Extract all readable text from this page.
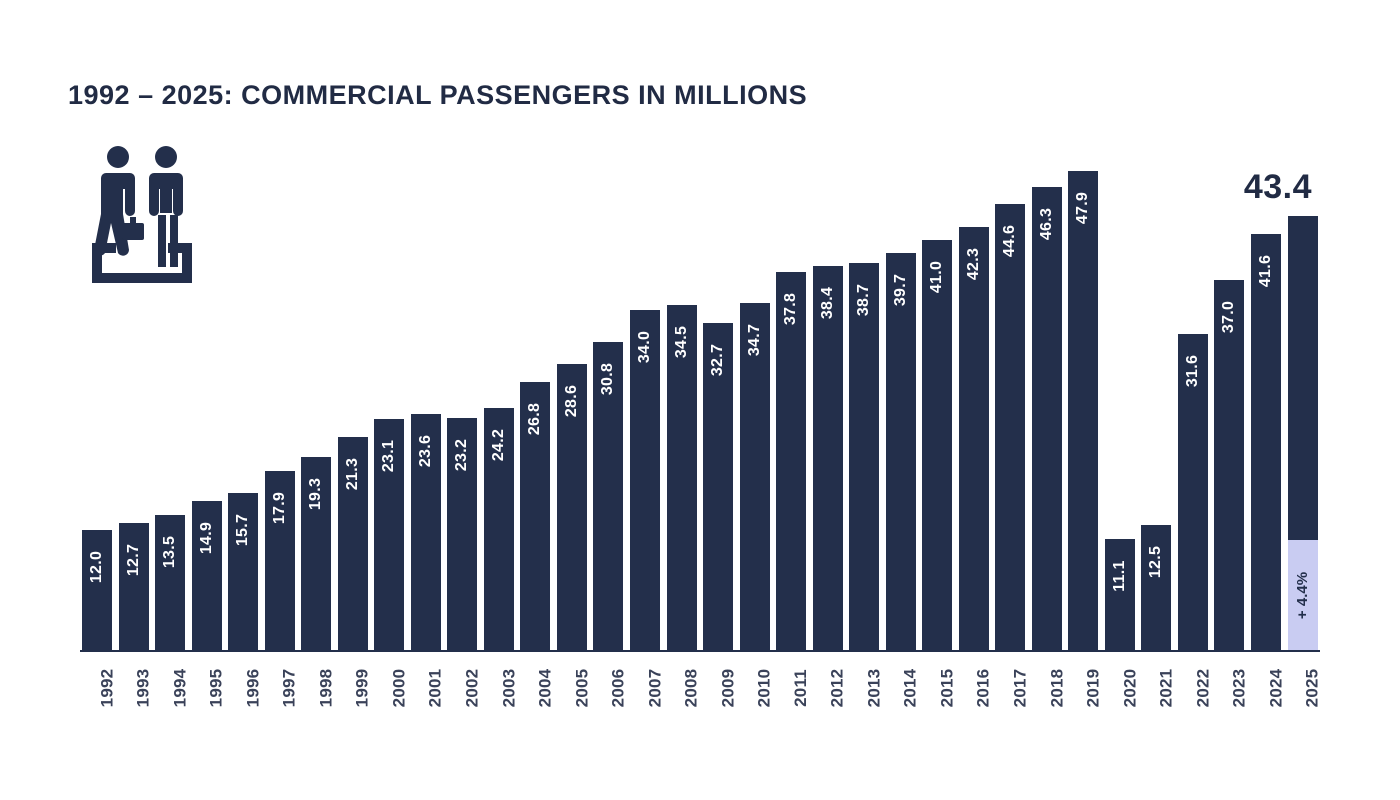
1992 – 2025: COMMERCIAL PASSENGERS IN MILLIONS
43.4
12.0 12.7 13.5 14.9 15.7
17.9 19.3
21.3
23.1 23.6 23.2 24.2
26.8
28.6
30.8
34.0 34.5
32.7
34.7
37.8 38.4 38.7 39.7 41.0 42.3
44.6
46.3 47.9
11.1 12.5
31.6
37.0
41.6
+ 4.4%
1992 1993 1994 1995 1996 1997 1998 1999 2000 2001 2002 2003 2004 2005 2006 2007 2008 2009 2010 2011 2012 2013 2014 2015 2016 2017 2018 2019 2020 2021 2022 2023 2024 2025
